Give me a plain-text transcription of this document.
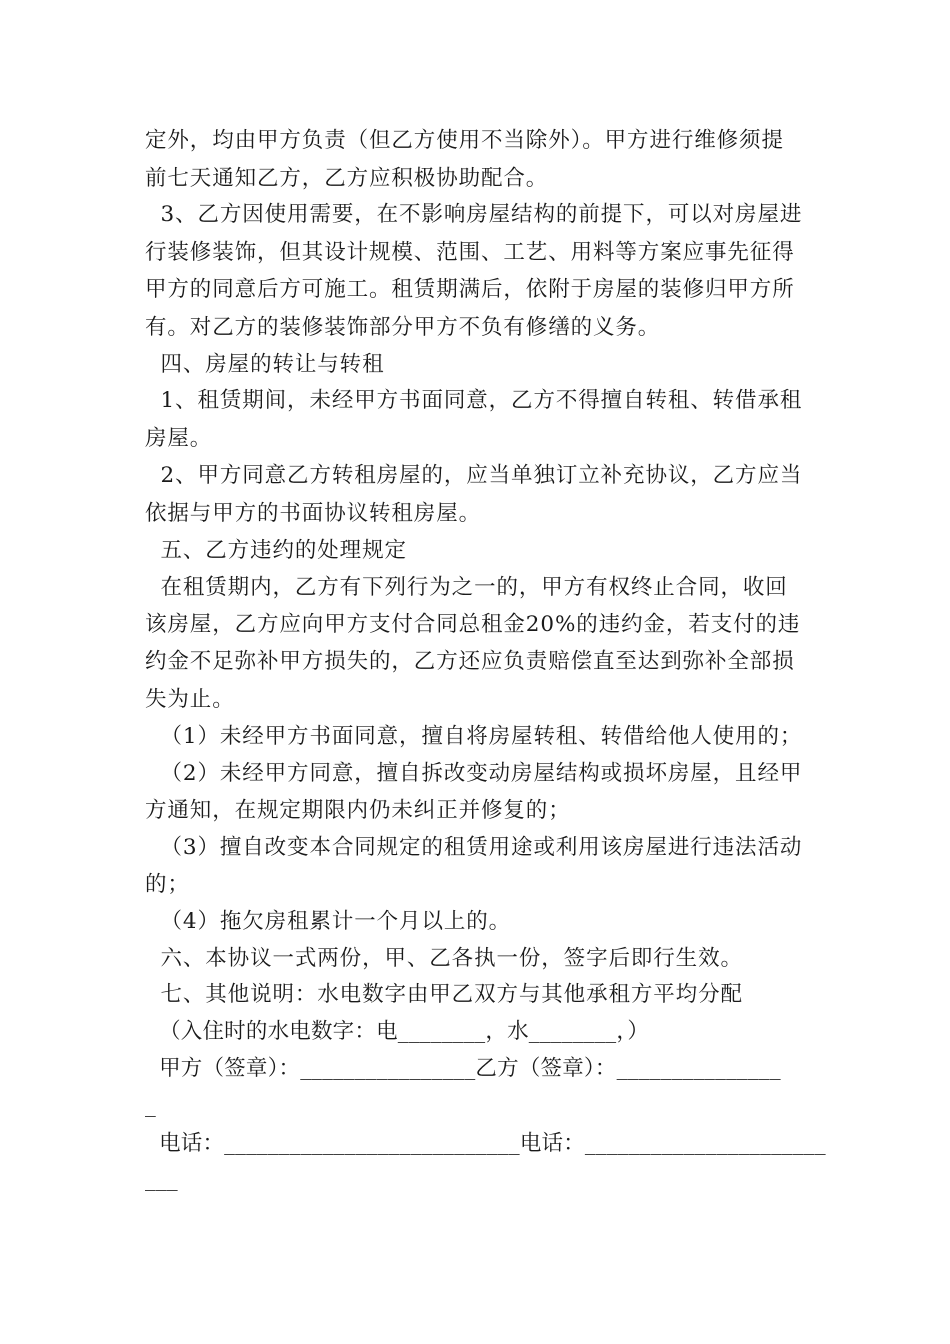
定外，均由甲方负责（但乙方使用不当除外）。甲方进行维修须提
前七天通知乙方，乙方应积极协助配合。
3、乙方因使用需要，在不影响房屋结构的前提下，可以对房屋进
行装修装饰，但其设计规模、范围、工艺、用料等方案应事先征得
甲方的同意后方可施工。租赁期满后，依附于房屋的装修归甲方所
有。对乙方的装修装饰部分甲方不负有修缮的义务。
四、房屋的转让与转租
1、租赁期间，未经甲方书面同意，乙方不得擅自转租、转借承租
房屋。
2、甲方同意乙方转租房屋的，应当单独订立补充协议，乙方应当
依据与甲方的书面协议转租房屋。
五、乙方违约的处理规定
在租赁期内，乙方有下列行为之一的，甲方有权终止合同，收回
该房屋，乙方应向甲方支付合同总租金20%的违约金，若支付的违
约金不足弥补甲方损失的，乙方还应负责赔偿直至达到弥补全部损
失为止。
（1）未经甲方书面同意，擅自将房屋转租、转借给他人使用的；
（2）未经甲方同意，擅自拆改变动房屋结构或损坏房屋，且经甲
方通知，在规定期限内仍未纠正并修复的；
（3）擅自改变本合同规定的租赁用途或利用该房屋进行违法活动
的；
（4）拖欠房租累计一个月以上的。
六、本协议一式两份，甲、乙各执一份，签字后即行生效。
七、其他说明：水电数字由甲乙双方与其他承租方平均分配
（入住时的水电数字：电________，水________，）
甲方（签章）：________________乙方（签章）：_______________
_
电话：___________________________电话：______________________
___
